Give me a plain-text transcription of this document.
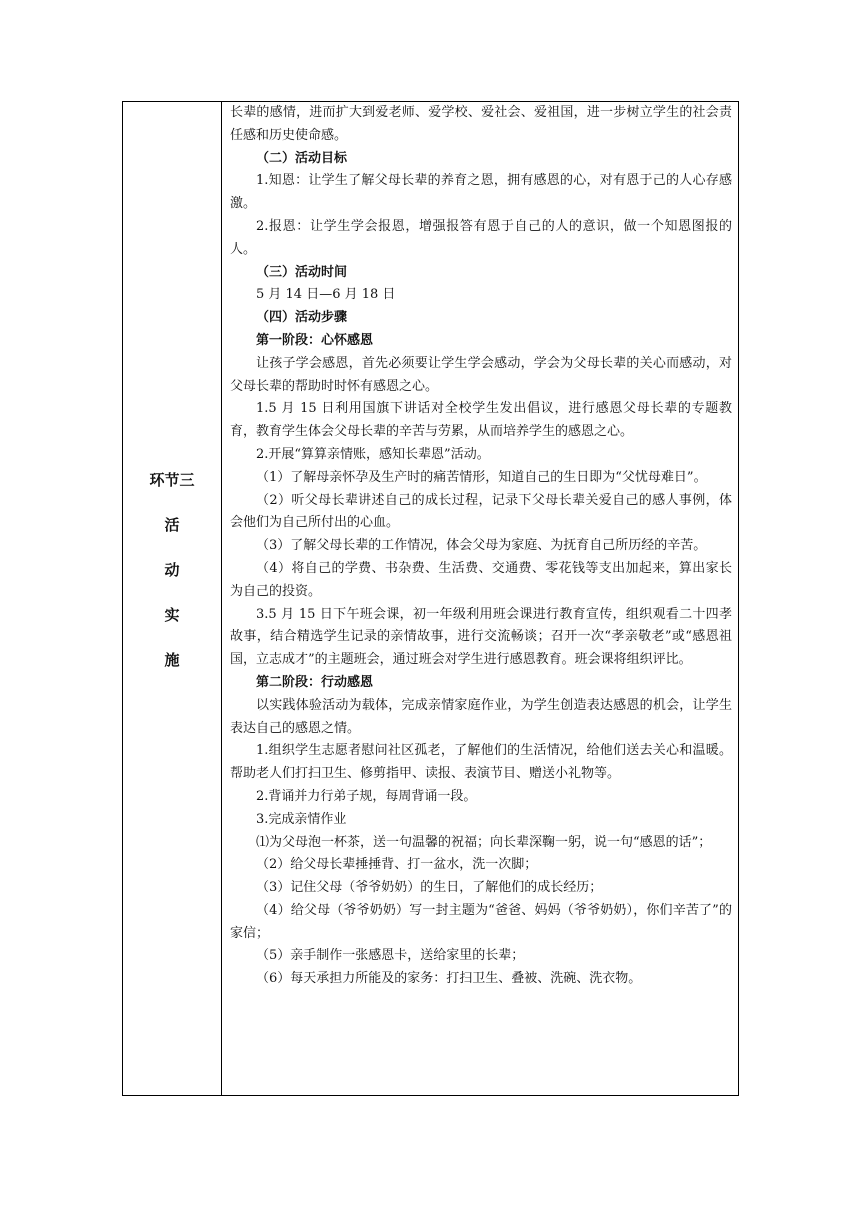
环节三
活
动
实
施

长辈的感情，进而扩大到爱老师、爱学校、爱社会、爱祖国，进一步树立学生的社会责任感和历史使命感。

（二）活动目标

1.知恩：让学生了解父母长辈的养育之恩，拥有感恩的心，对有恩于己的人心存感激。

2.报恩：让学生学会报恩，增强报答有恩于自己的人的意识，做一个知恩图报的人。

（三）活动时间

5 月 14 日—6 月 18 日

（四）活动步骤

第一阶段：心怀感恩

让孩子学会感恩，首先必须要让学生学会感动，学会为父母长辈的关心而感动，对父母长辈的帮助时时怀有感恩之心。

1.5 月 15 日利用国旗下讲话对全校学生发出倡议，进行感恩父母长辈的专题教育，教育学生体会父母长辈的辛苦与劳累，从而培养学生的感恩之心。

2.开展“算算亲情账，感知长辈恩”活动。

（1）了解母亲怀孕及生产时的痛苦情形，知道自己的生日即为“父忧母难日”。

（2）听父母长辈讲述自己的成长过程，记录下父母长辈关爱自己的感人事例，体会他们为自己所付出的心血。

（3）了解父母长辈的工作情况，体会父母为家庭、为抚育自己所历经的辛苦。

（4）将自己的学费、书杂费、生活费、交通费、零花钱等支出加起来，算出家长为自己的投资。

3.5 月 15 日下午班会课，初一年级利用班会课进行教育宣传，组织观看二十四孝故事，结合精选学生记录的亲情故事，进行交流畅谈；召开一次“孝亲敬老”或“感恩祖国，立志成才”的主题班会，通过班会对学生进行感恩教育。班会课将组织评比。

第二阶段：行动感恩

以实践体验活动为载体，完成亲情家庭作业，为学生创造表达感恩的机会，让学生表达自己的感恩之情。

1.组织学生志愿者慰问社区孤老，了解他们的生活情况，给他们送去关心和温暖。帮助老人们打扫卫生、修剪指甲、读报、表演节目、赠送小礼物等。

2.背诵并力行弟子规，每周背诵一段。

3.完成亲情作业

⑴为父母泡一杯茶，送一句温馨的祝福；向长辈深鞠一躬，说一句“感恩的话”；

（2）给父母长辈捶捶背、打一盆水，洗一次脚；

（3）记住父母（爷爷奶奶）的生日，了解他们的成长经历；

（4）给父母（爷爷奶奶）写一封主题为“爸爸、妈妈（爷爷奶奶），你们辛苦了”的家信；

（5）亲手制作一张感恩卡，送给家里的长辈；

（6）每天承担力所能及的家务：打扫卫生、叠被、洗碗、洗衣物。
